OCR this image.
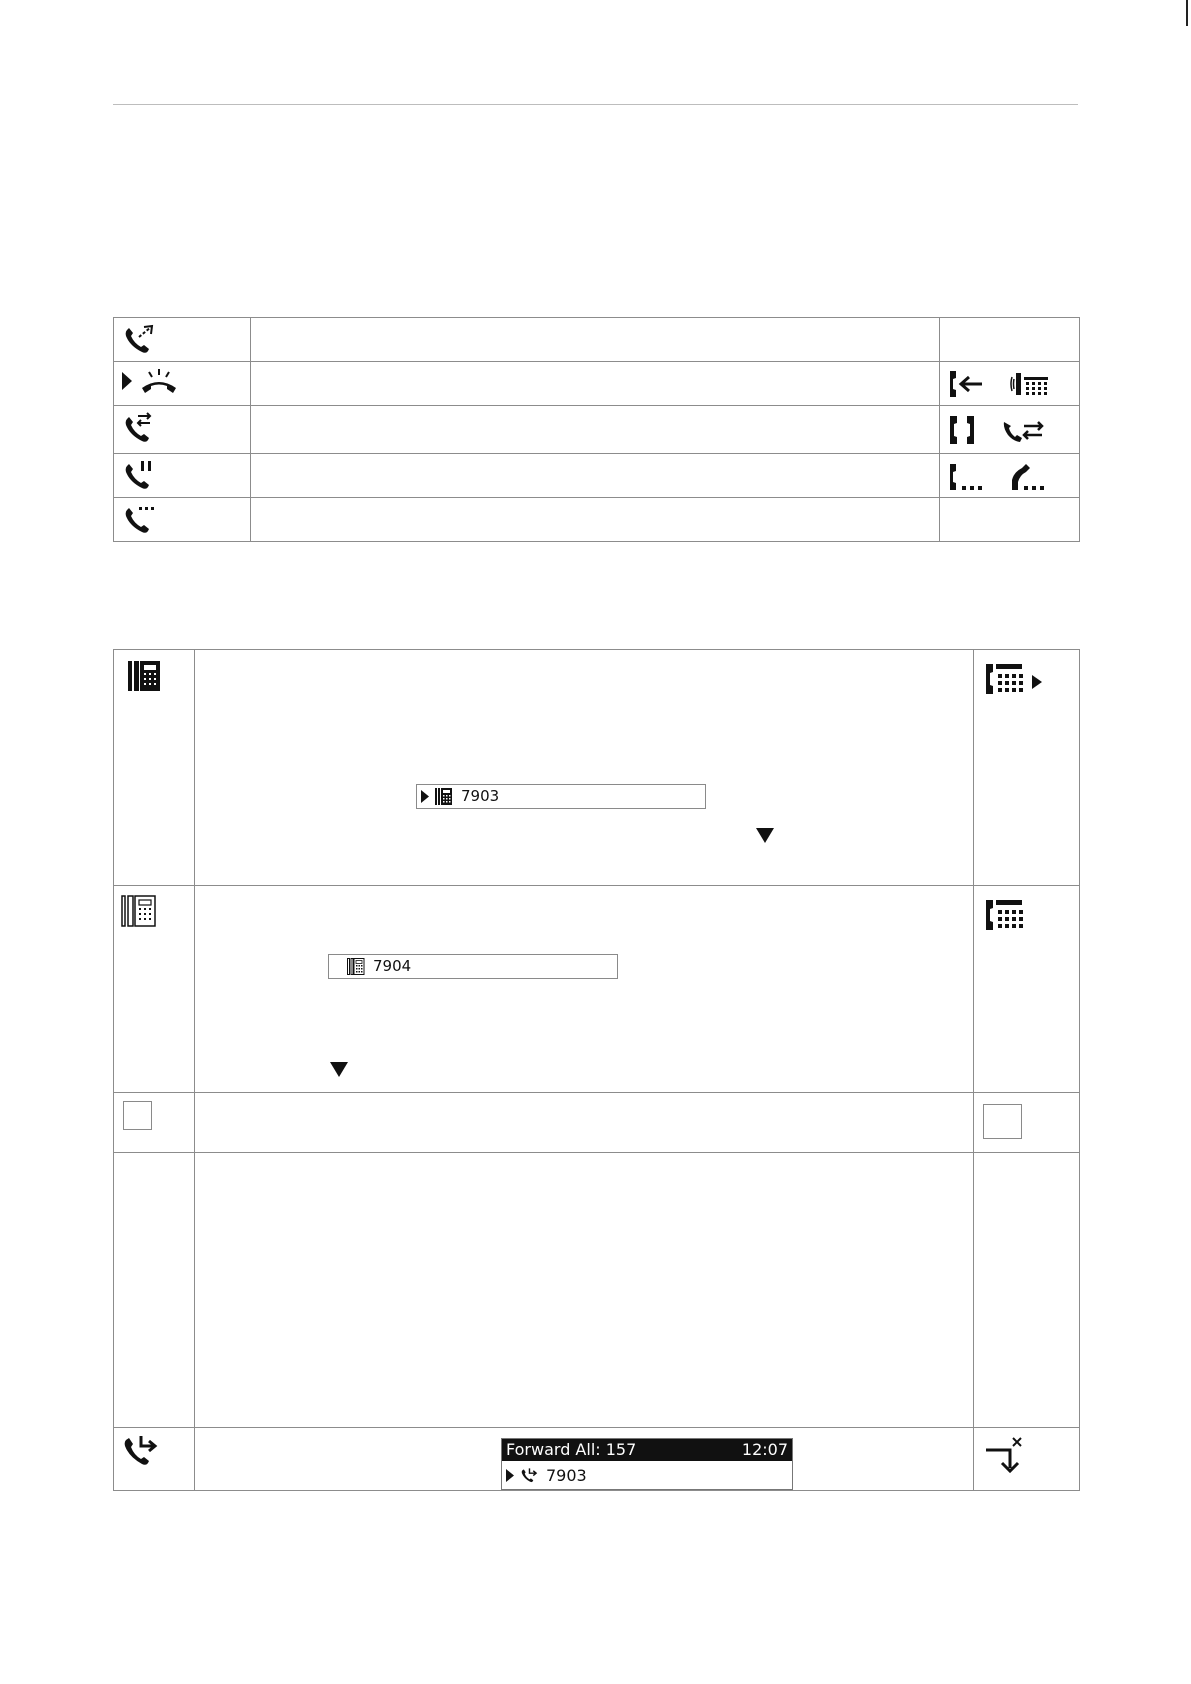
7903

7904

Forward All: 157	12:07
7903
